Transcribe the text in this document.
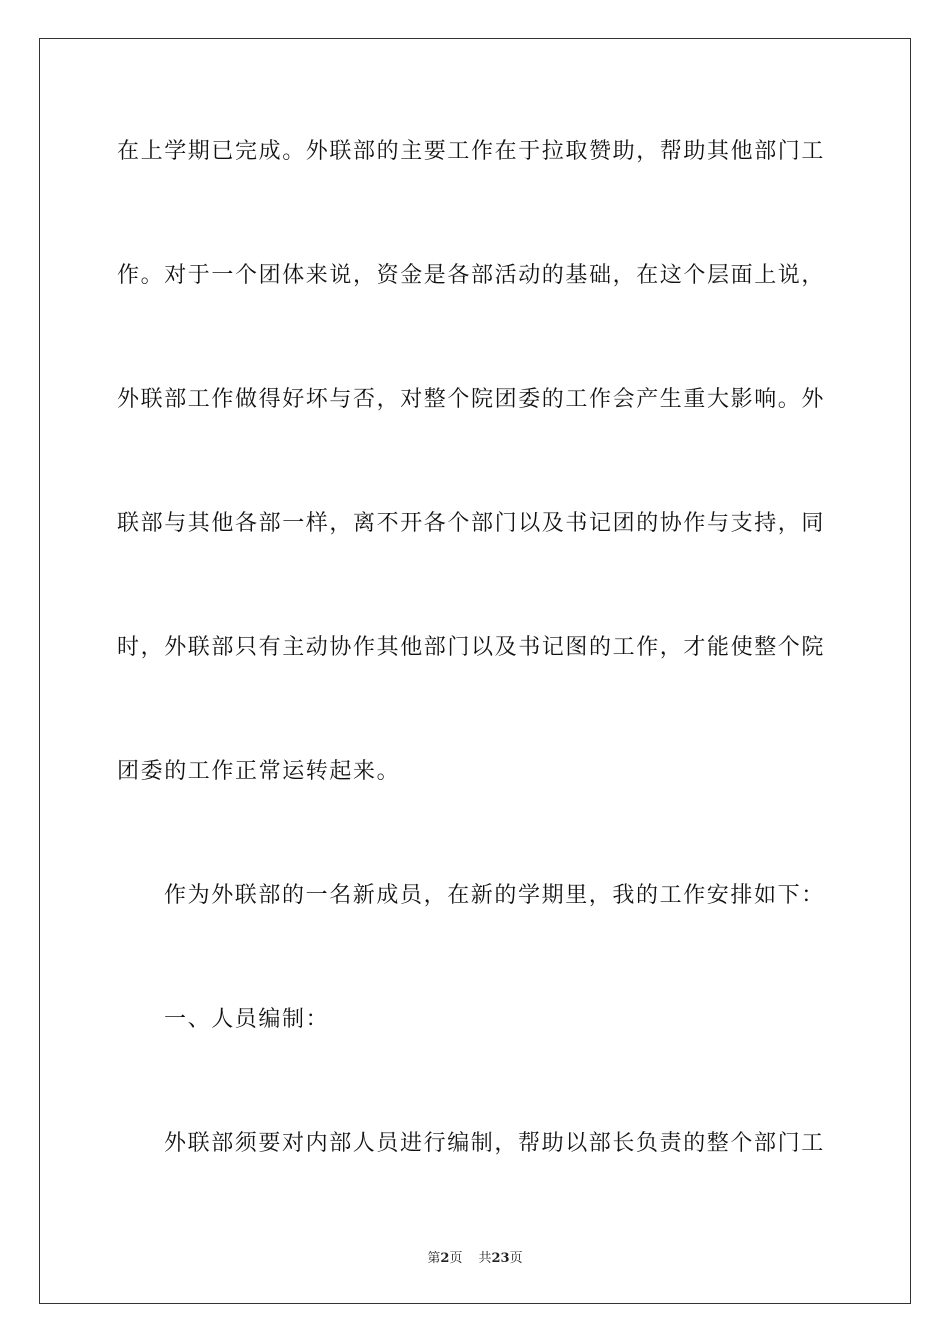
在上学期已完成。外联部的主要工作在于拉取赞助，帮助其他部门工
作。对于一个团体来说，资金是各部活动的基础，在这个层面上说，
外联部工作做得好坏与否，对整个院团委的工作会产生重大影响。外
联部与其他各部一样，离不开各个部门以及书记团的协作与支持，同
时，外联部只有主动协作其他部门以及书记图的工作，才能使整个院
团委的工作正常运转起来。
作为外联部的一名新成员，在新的学期里，我的工作安排如下：
一、人员编制：
外联部须要对内部人员进行编制，帮助以部长负责的整个部门工
第2页 共23页
